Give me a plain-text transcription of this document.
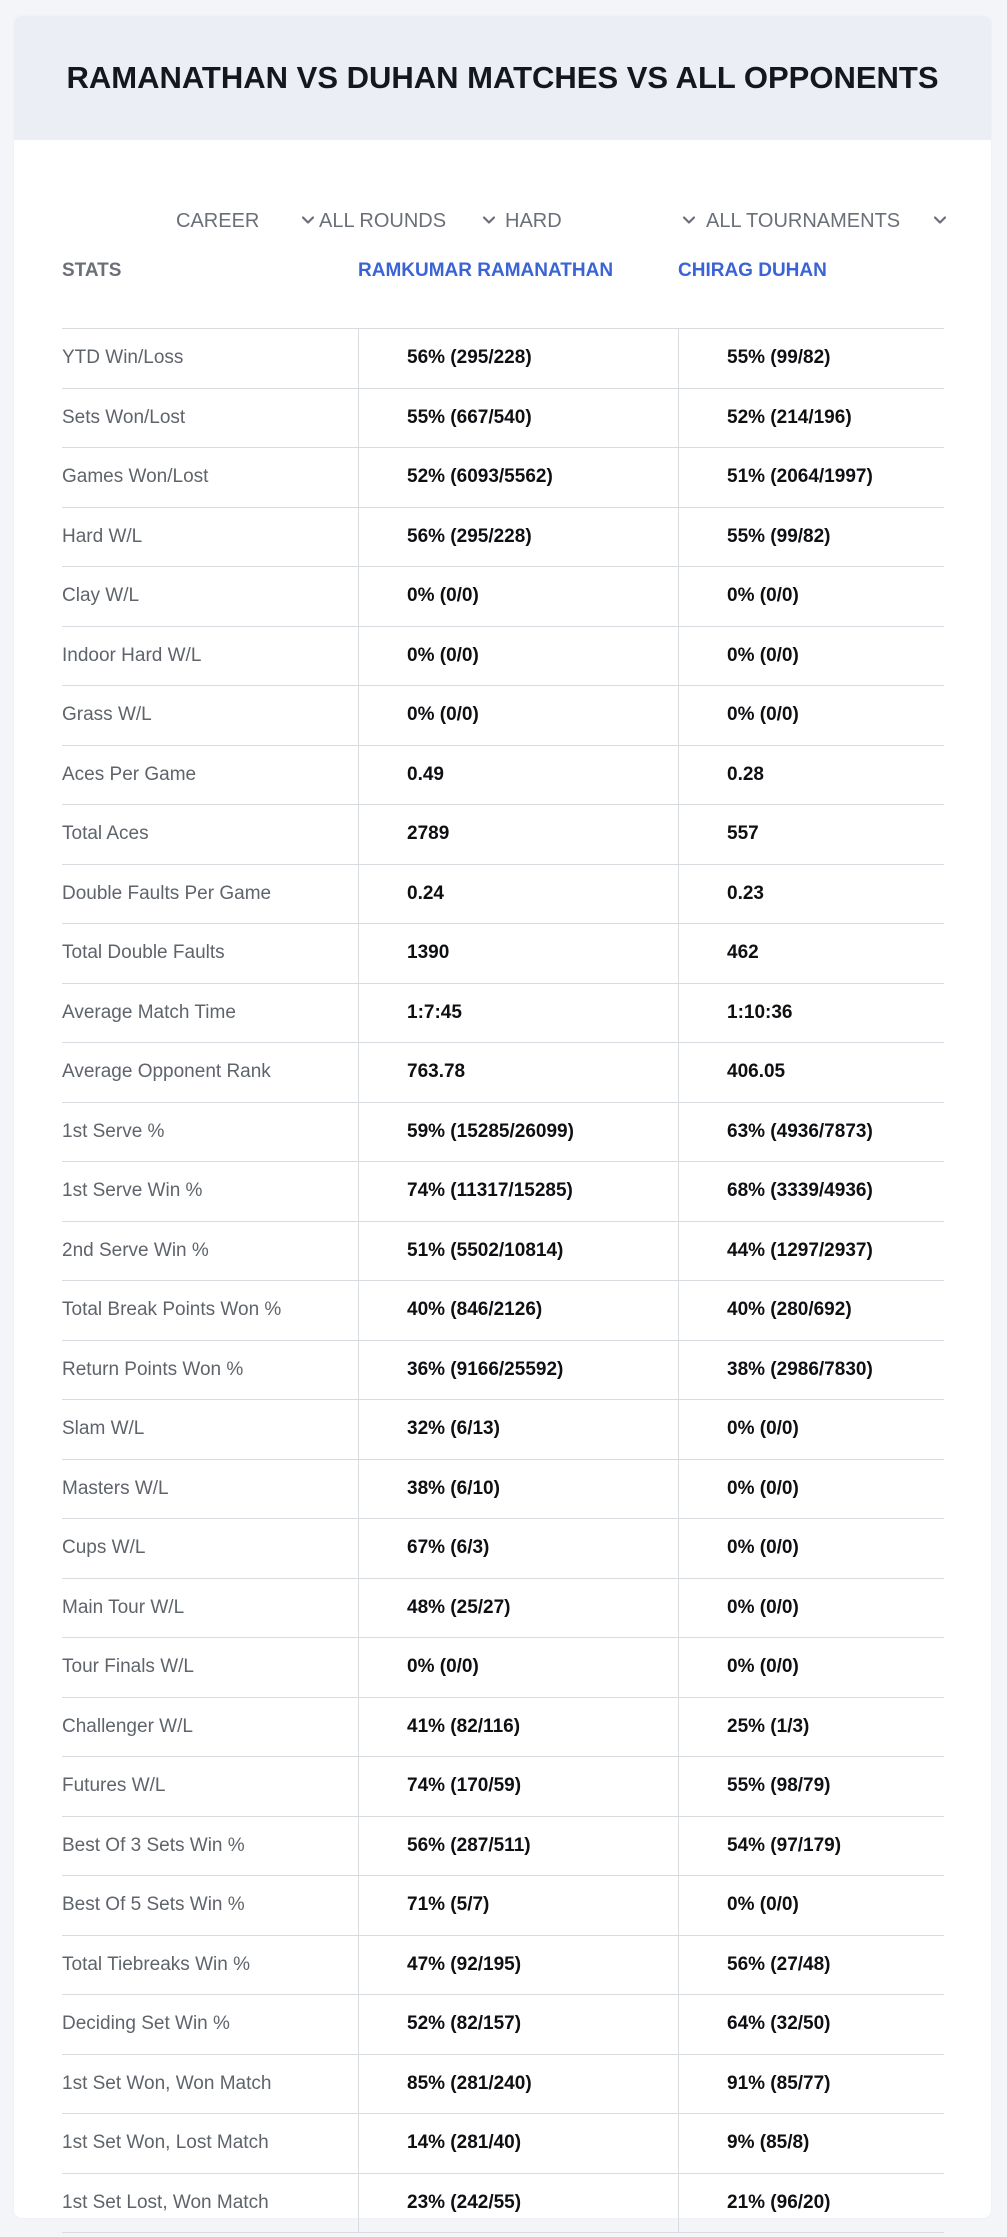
RAMANATHAN VS DUHAN MATCHES VS ALL OPPONENTS
CAREER	ALL ROUNDS	HARD	ALL TOURNAMENTS
STATS	RAMKUMAR RAMANATHAN	CHIRAG DUHAN
YTD Win/Loss	56% (295/228)	55% (99/82)
Sets Won/Lost	55% (667/540)	52% (214/196)
Games Won/Lost	52% (6093/5562)	51% (2064/1997)
Hard W/L	56% (295/228)	55% (99/82)
Clay W/L	0% (0/0)	0% (0/0)
Indoor Hard W/L	0% (0/0)	0% (0/0)
Grass W/L	0% (0/0)	0% (0/0)
Aces Per Game	0.49	0.28
Total Aces	2789	557
Double Faults Per Game	0.24	0.23
Total Double Faults	1390	462
Average Match Time	1:7:45	1:10:36
Average Opponent Rank	763.78	406.05
1st Serve %	59% (15285/26099)	63% (4936/7873)
1st Serve Win %	74% (11317/15285)	68% (3339/4936)
2nd Serve Win %	51% (5502/10814)	44% (1297/2937)
Total Break Points Won %	40% (846/2126)	40% (280/692)
Return Points Won %	36% (9166/25592)	38% (2986/7830)
Slam W/L	32% (6/13)	0% (0/0)
Masters W/L	38% (6/10)	0% (0/0)
Cups W/L	67% (6/3)	0% (0/0)
Main Tour W/L	48% (25/27)	0% (0/0)
Tour Finals W/L	0% (0/0)	0% (0/0)
Challenger W/L	41% (82/116)	25% (1/3)
Futures W/L	74% (170/59)	55% (98/79)
Best Of 3 Sets Win %	56% (287/511)	54% (97/179)
Best Of 5 Sets Win %	71% (5/7)	0% (0/0)
Total Tiebreaks Win %	47% (92/195)	56% (27/48)
Deciding Set Win %	52% (82/157)	64% (32/50)
1st Set Won, Won Match	85% (281/240)	91% (85/77)
1st Set Won, Lost Match	14% (281/40)	9% (85/8)
1st Set Lost, Won Match	23% (242/55)	21% (96/20)
